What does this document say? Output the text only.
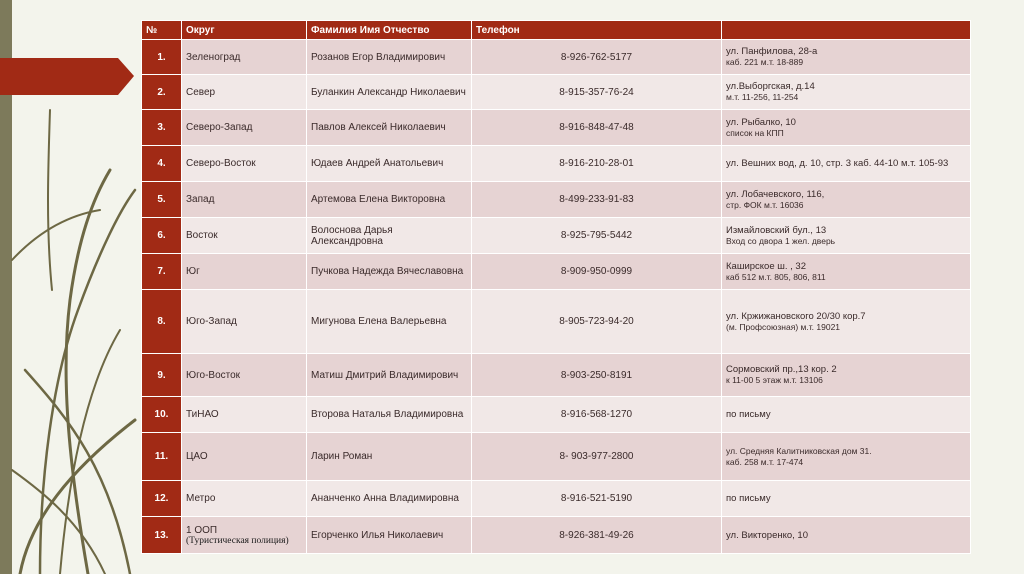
№	Округ	Фамилия Имя Отчество	Телефон	
1.	Зеленоград	Розанов Егор Владимирович	8-926-762-5177	ул. Панфилова, 28-а
каб. 221 м.т. 18-889

2.	Север	Буланкин Александр Николаевич	8-915-357-76-24	ул.Выборгская, д.14
м.т. 11-256, 11-254

3.	Северо-Запад	Павлов Алексей Николаевич	8-916-848-47-48	ул. Рыбалко, 10
список на КПП

4.	Северо-Восток	Юдаев Андрей Анатольевич	8-916-210-28-01	ул. Вешних вод, д. 10, стр. 3 каб. 44-10 м.т. 105-93

5.	Запад	Артемова Елена Викторовна	8-499-233-91-83	ул. Лобачевского, 116,
стр. ФОК м.т. 16036

6.	Восток	Волоснова Дарья Александровна	8-925-795-5442	Измайловский бул., 13
Вход со двора 1 жел. дверь

7.	Юг	Пучкова Надежда Вячеславовна	8-909-950-0999	Каширское ш. , 32
каб 512 м.т. 805, 806, 811

8.	Юго-Запад	Мигунова Елена Валерьевна	8-905-723-94-20	ул. Кржижановского 20/30 кор.7
(м. Профсоюзная) м.т. 19021

9.	Юго-Восток	Матиш Дмитрий Владимирович	8-903-250-8191	Сормовский пр.,13 кор. 2
к 11-00 5 этаж м.т. 13106

10.	ТиНАО	Второва Наталья Владимировна	8-916-568-1270	по письму

11.	ЦАО	Ларин Роман	8- 903-977-2800	ул. Средняя Калитниковская дом 31.
каб. 258 м.т. 17-474

12.	Метро	Ананченко Анна Владимировна	8-916-521-5190	по письму

13.	1 ООП
(Туристическая полиция)	Егорченко Илья Николаевич	8-926-381-49-26	ул. Викторенко, 10
